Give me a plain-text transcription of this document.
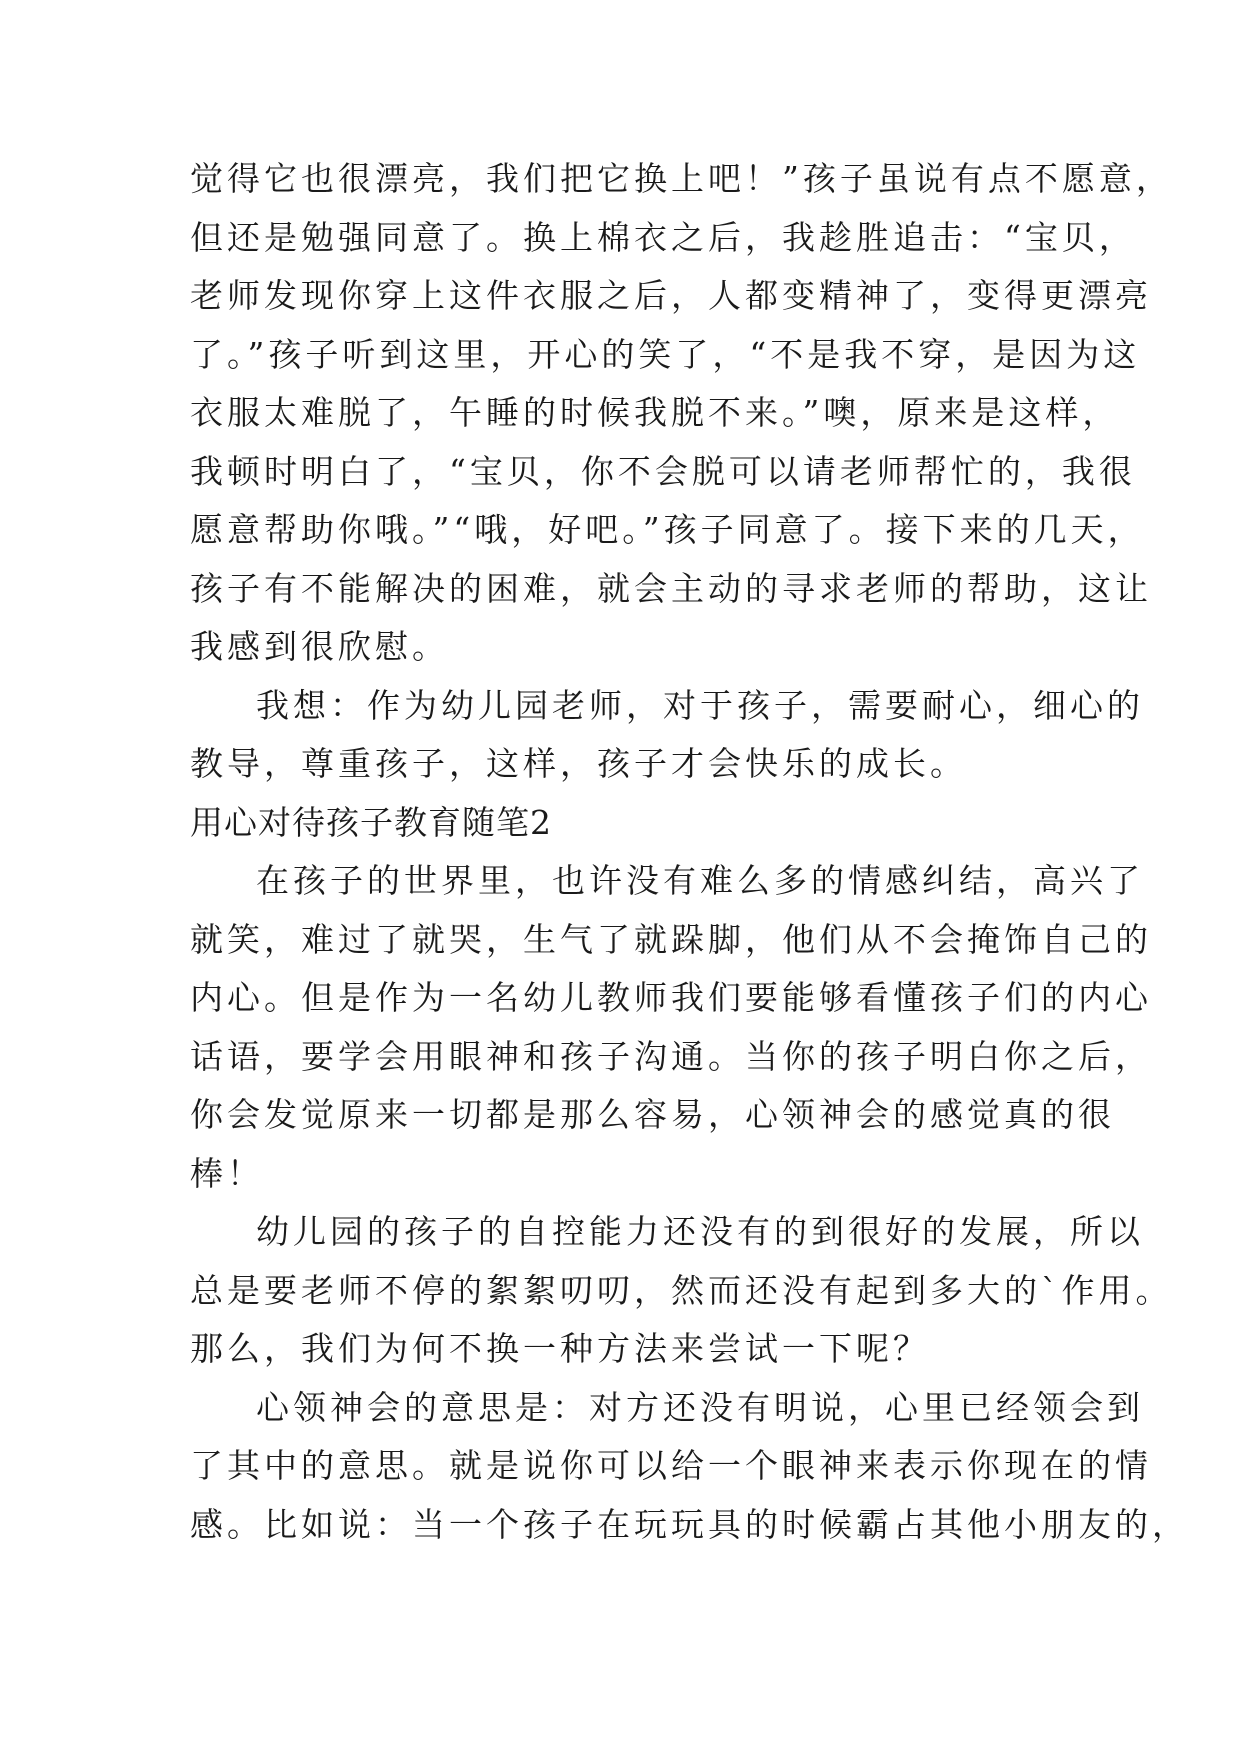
觉得它也很漂亮，我们把它换上吧！”孩子虽说有点不愿意，
但还是勉强同意了。换上棉衣之后，我趁胜追击：“宝贝，
老师发现你穿上这件衣服之后，人都变精神了，变得更漂亮
了。”孩子听到这里，开心的笑了，“不是我不穿，是因为这
衣服太难脱了，午睡的时候我脱不来。”噢，原来是这样，
我顿时明白了，“宝贝，你不会脱可以请老师帮忙的，我很
愿意帮助你哦。”“哦，好吧。”孩子同意了。接下来的几天，
孩子有不能解决的困难，就会主动的寻求老师的帮助，这让
我感到很欣慰。
我想：作为幼儿园老师，对于孩子，需要耐心，细心的
教导，尊重孩子，这样，孩子才会快乐的成长。
用心对待孩子教育随笔2
在孩子的世界里，也许没有难么多的情感纠结，高兴了
就笑，难过了就哭，生气了就跺脚，他们从不会掩饰自己的
内心。但是作为一名幼儿教师我们要能够看懂孩子们的内心
话语，要学会用眼神和孩子沟通。当你的孩子明白你之后，
你会发觉原来一切都是那么容易，心领神会的感觉真的很
棒！
幼儿园的孩子的自控能力还没有的到很好的发展，所以
总是要老师不停的絮絮叨叨，然而还没有起到多大的`作用。
那么，我们为何不换一种方法来尝试一下呢？
心领神会的意思是：对方还没有明说，心里已经领会到
了其中的意思。就是说你可以给一个眼神来表示你现在的情
感。比如说：当一个孩子在玩玩具的时候霸占其他小朋友的，
